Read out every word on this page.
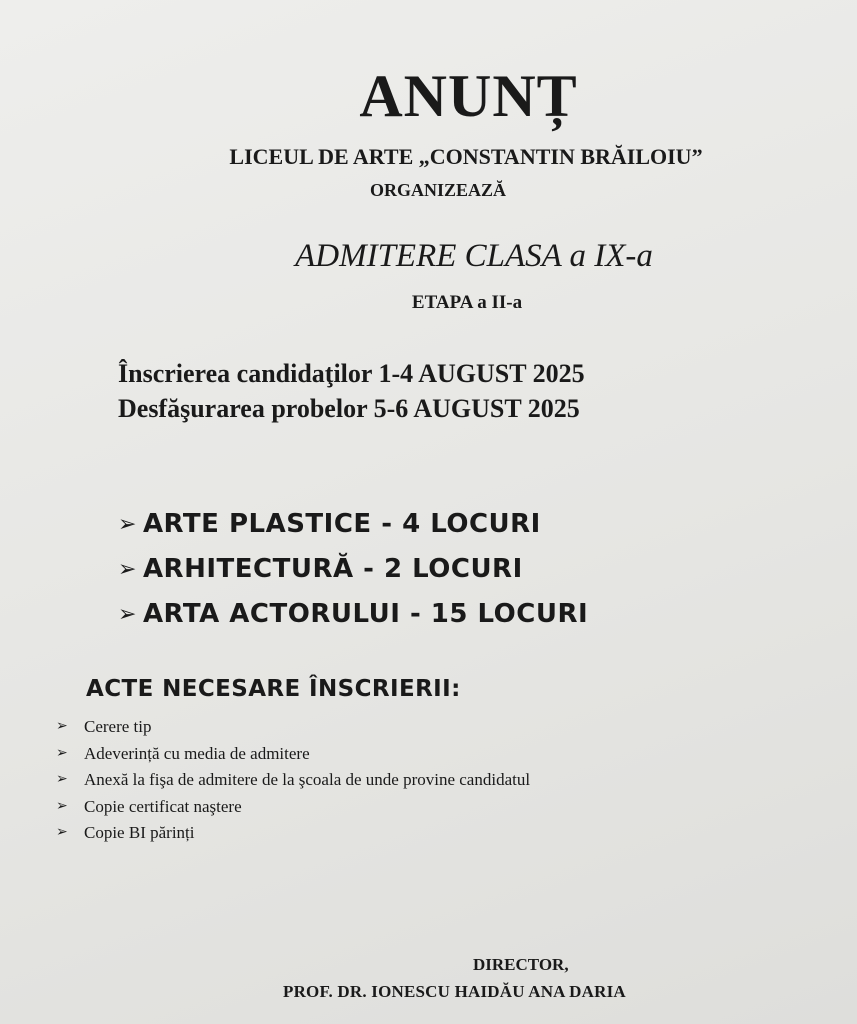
ANUNȚ
LICEUL DE ARTE „CONSTANTIN BRĂILOIU”
ORGANIZEAZĂ
ADMITERE CLASA a IX-a
ETAPA a II-a
Înscrierea candidaţilor 1-4 AUGUST 2025
Desfăşurarea probelor 5-6 AUGUST 2025
➢ ARTE PLASTICE - 4 LOCURI
➢ ARHITECTURĂ - 2 LOCURI
➢ ARTA ACTORULUI - 15 LOCURI
ACTE NECESARE ÎNSCRIERII:
➢ Cerere tip
➢ Adeverință cu media de admitere
➢ Anexă la fişa de admitere de la şcoala de unde provine candidatul
➢ Copie certificat naştere
➢ Copie BI părinți
DIRECTOR,
PROF. DR. IONESCU HAIDĂU ANA DARIA
